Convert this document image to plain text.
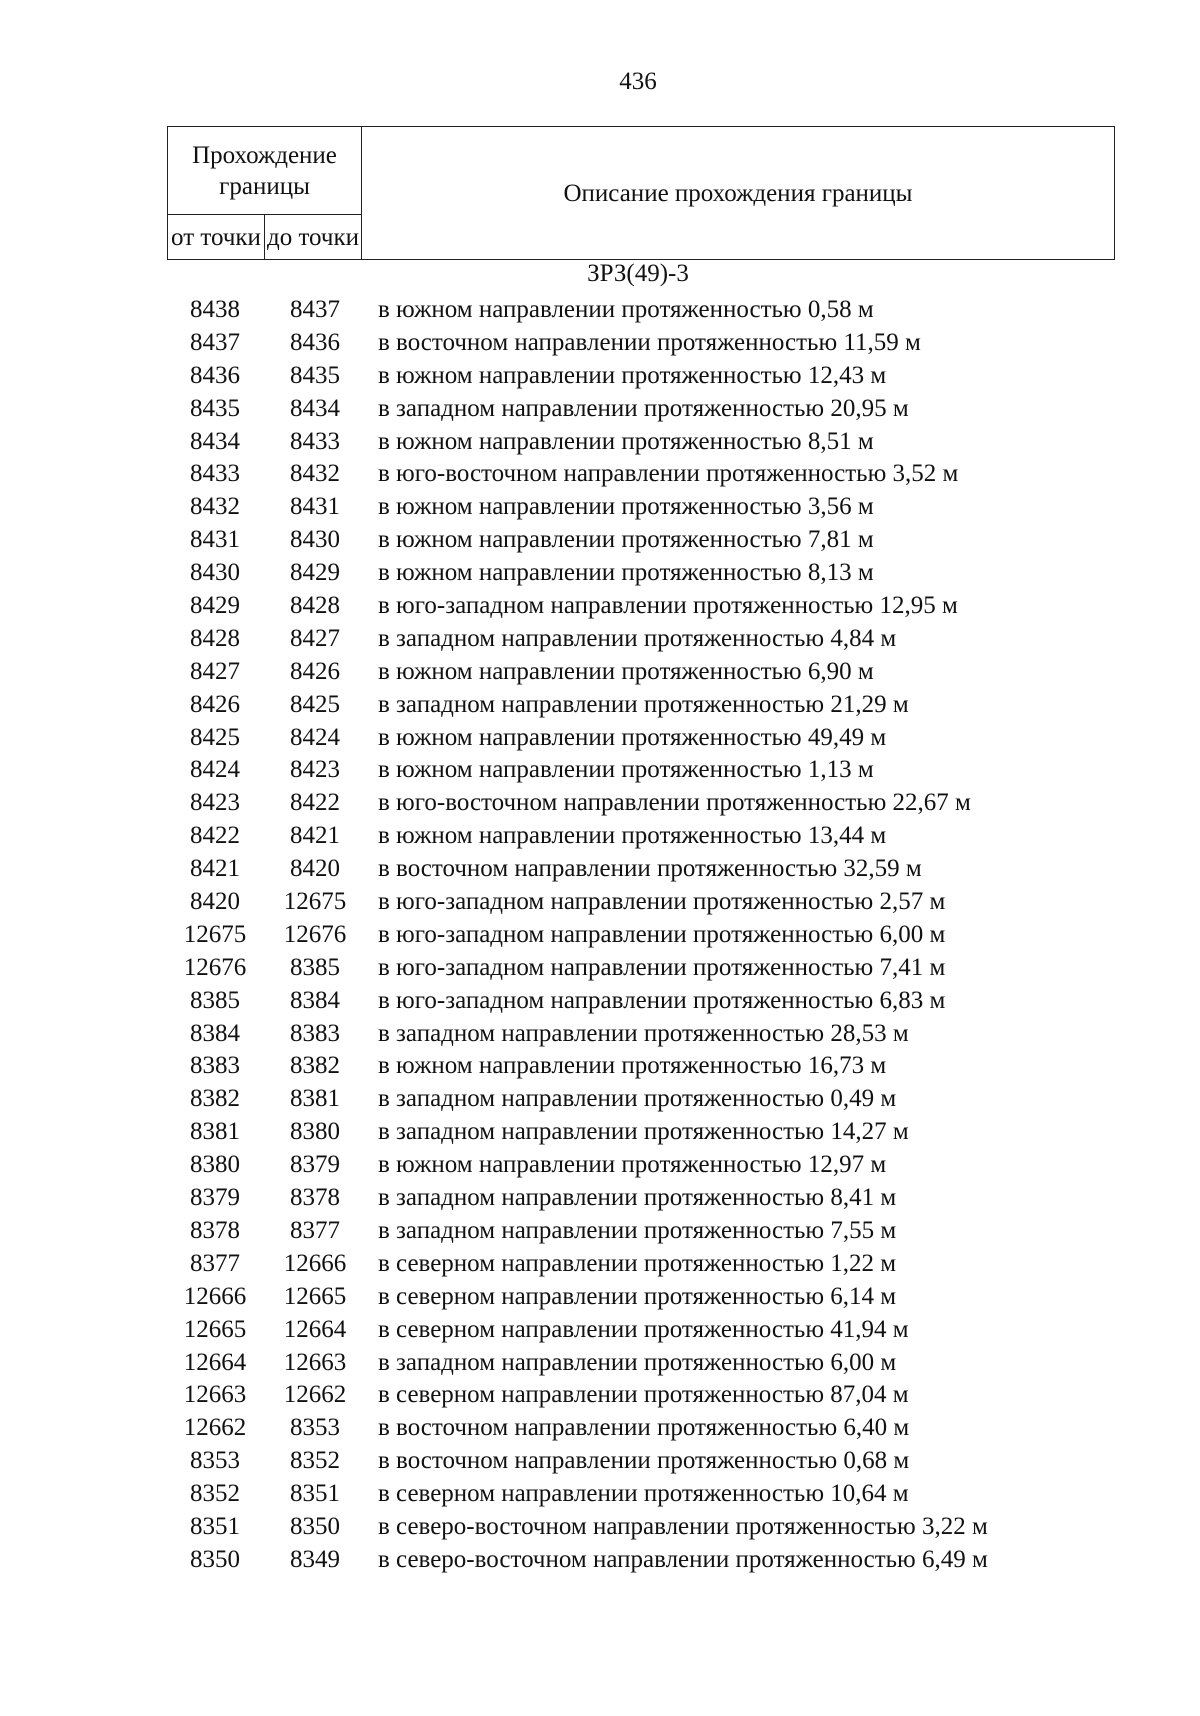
436
Прохождение границы		Описание прохождения границы
от точки	до точки	
ЗРЗ(49)-3
8438	8437	в южном направлении протяженностью 0,58 м
8437	8436	в восточном направлении протяженностью 11,59 м
8436	8435	в южном направлении протяженностью 12,43 м
8435	8434	в западном направлении протяженностью 20,95 м
8434	8433	в южном направлении протяженностью 8,51 м
8433	8432	в юго-восточном направлении протяженностью 3,52 м
8432	8431	в южном направлении протяженностью 3,56 м
8431	8430	в южном направлении протяженностью 7,81 м
8430	8429	в южном направлении протяженностью 8,13 м
8429	8428	в юго-западном направлении протяженностью 12,95 м
8428	8427	в западном направлении протяженностью 4,84 м
8427	8426	в южном направлении протяженностью 6,90 м
8426	8425	в западном направлении протяженностью 21,29 м
8425	8424	в южном направлении протяженностью 49,49 м
8424	8423	в южном направлении протяженностью 1,13 м
8423	8422	в юго-восточном направлении протяженностью 22,67 м
8422	8421	в южном направлении протяженностью 13,44 м
8421	8420	в восточном направлении протяженностью 32,59 м
8420	12675	в юго-западном направлении протяженностью 2,57 м
12675	12676	в юго-западном направлении протяженностью 6,00 м
12676	8385	в юго-западном направлении протяженностью 7,41 м
8385	8384	в юго-западном направлении протяженностью 6,83 м
8384	8383	в западном направлении протяженностью 28,53 м
8383	8382	в южном направлении протяженностью 16,73 м
8382	8381	в западном направлении протяженностью 0,49 м
8381	8380	в западном направлении протяженностью 14,27 м
8380	8379	в южном направлении протяженностью 12,97 м
8379	8378	в западном направлении протяженностью 8,41 м
8378	8377	в западном направлении протяженностью 7,55 м
8377	12666	в северном направлении протяженностью 1,22 м
12666	12665	в северном направлении протяженностью 6,14 м
12665	12664	в северном направлении протяженностью 41,94 м
12664	12663	в западном направлении протяженностью 6,00 м
12663	12662	в северном направлении протяженностью 87,04 м
12662	8353	в восточном направлении протяженностью 6,40 м
8353	8352	в восточном направлении протяженностью 0,68 м
8352	8351	в северном направлении протяженностью 10,64 м
8351	8350	в северо-восточном направлении протяженностью 3,22 м
8350	8349	в северо-восточном направлении протяженностью 6,49 м
